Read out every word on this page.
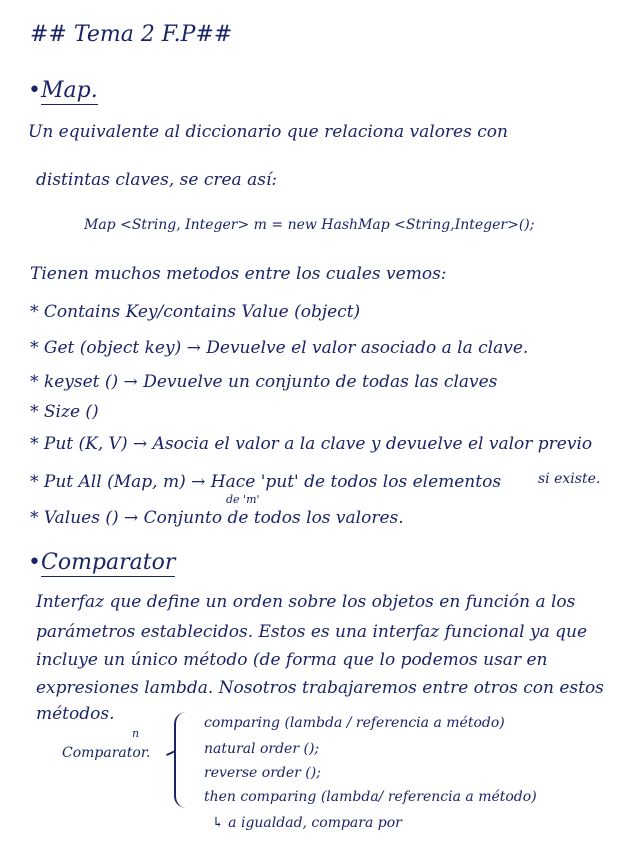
## Tema 2 F.P##
•Map.
Un equivalente al diccionario que relaciona valores con
distintas claves, se crea así:
Map <String, Integer> m = new HashMap <String,Integer>();
Tienen muchos metodos entre los cuales vemos:
* Contains Key/contains Value (object)
* Get (object key) → Devuelve el valor asociado a la clave.
* keyset () → Devuelve un conjunto de todas las claves
* Size ()
* Put (K, V) → Asocia el valor a la clave y devuelve el valor previo
si existe.
de 'm'
* Put All (Map, m) → Hace 'put' de todos los elementos
* Values () → Conjunto de todos los valores.
•Comparator
Interfaz que define un orden sobre los objetos en función a los
parámetros establecidos. Estos es una interfaz funcional ya que
incluye un único método (de forma que lo podemos usar en
expresiones lambda. Nosotros trabajaremos entre otros con estos
métodos.
n
Comparator.
comparing (lambda / referencia a método)
natural order ();
reverse order ();
then comparing (lambda/ referencia a método)
↳ a igualdad, compara por
